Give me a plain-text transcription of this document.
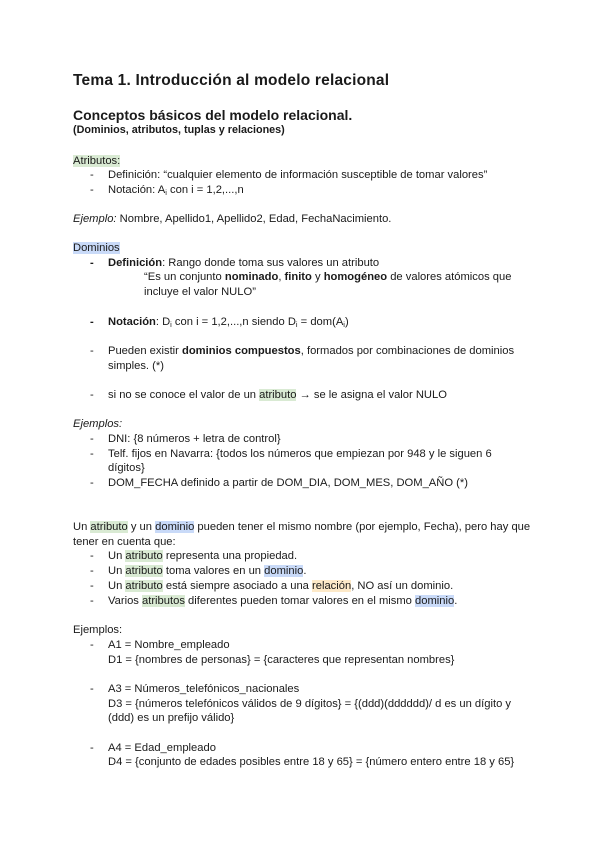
Tema 1. Introducción al modelo relacional
Conceptos básicos del modelo relacional.
(Dominios, atributos, tuplas y relaciones)
Atributos:
- Definición: “cualquier elemento de información susceptible de tomar valores”
- Notación: $A_i$ con i = 1,2,...,n
Ejemplo: Nombre, Apellido1, Apellido2, Edad, FechaNacimiento.
Dominios
- Definición: Rango donde toma sus valores un atributo
“Es un conjunto nominado, finito y homogéneo de valores atómicos que
incluye el valor NULO”
- Notación: $D_i$ con i = 1,2,...,n siendo $D_i = dom(A_i)$
- Pueden existir dominios compuestos, formados por combinaciones de dominios
simples. (*)
- si no se conoce el valor de un atributo → se le asigna el valor NULO
Ejemplos:
- DNI: {8 números + letra de control}
- Telf. fijos en Navarra: {todos los números que empiezan por 948 y le siguen 6
dígitos}
- DOM_FECHA definido a partir de DOM_DIA, DOM_MES, DOM_AÑO (*)
Un atributo y un dominio pueden tener el mismo nombre (por ejemplo, Fecha), pero hay que
tener en cuenta que:
- Un atributo representa una propiedad.
- Un atributo toma valores en un dominio.
- Un atributo está siempre asociado a una relación, NO así un dominio.
- Varios atributos diferentes pueden tomar valores en el mismo dominio.
Ejemplos:
- A1 = Nombre_empleado
D1 = {nombres de personas} = {caracteres que representan nombres}
- A3 = Números_telefónicos_nacionales
D3 = {números telefónicos válidos de 9 dígitos} = {(ddd)(dddddd)/ d es un dígito y
(ddd) es un prefijo válido}
- A4 = Edad_empleado
D4 = {conjunto de edades posibles entre 18 y 65} = {número entero entre 18 y 65}
